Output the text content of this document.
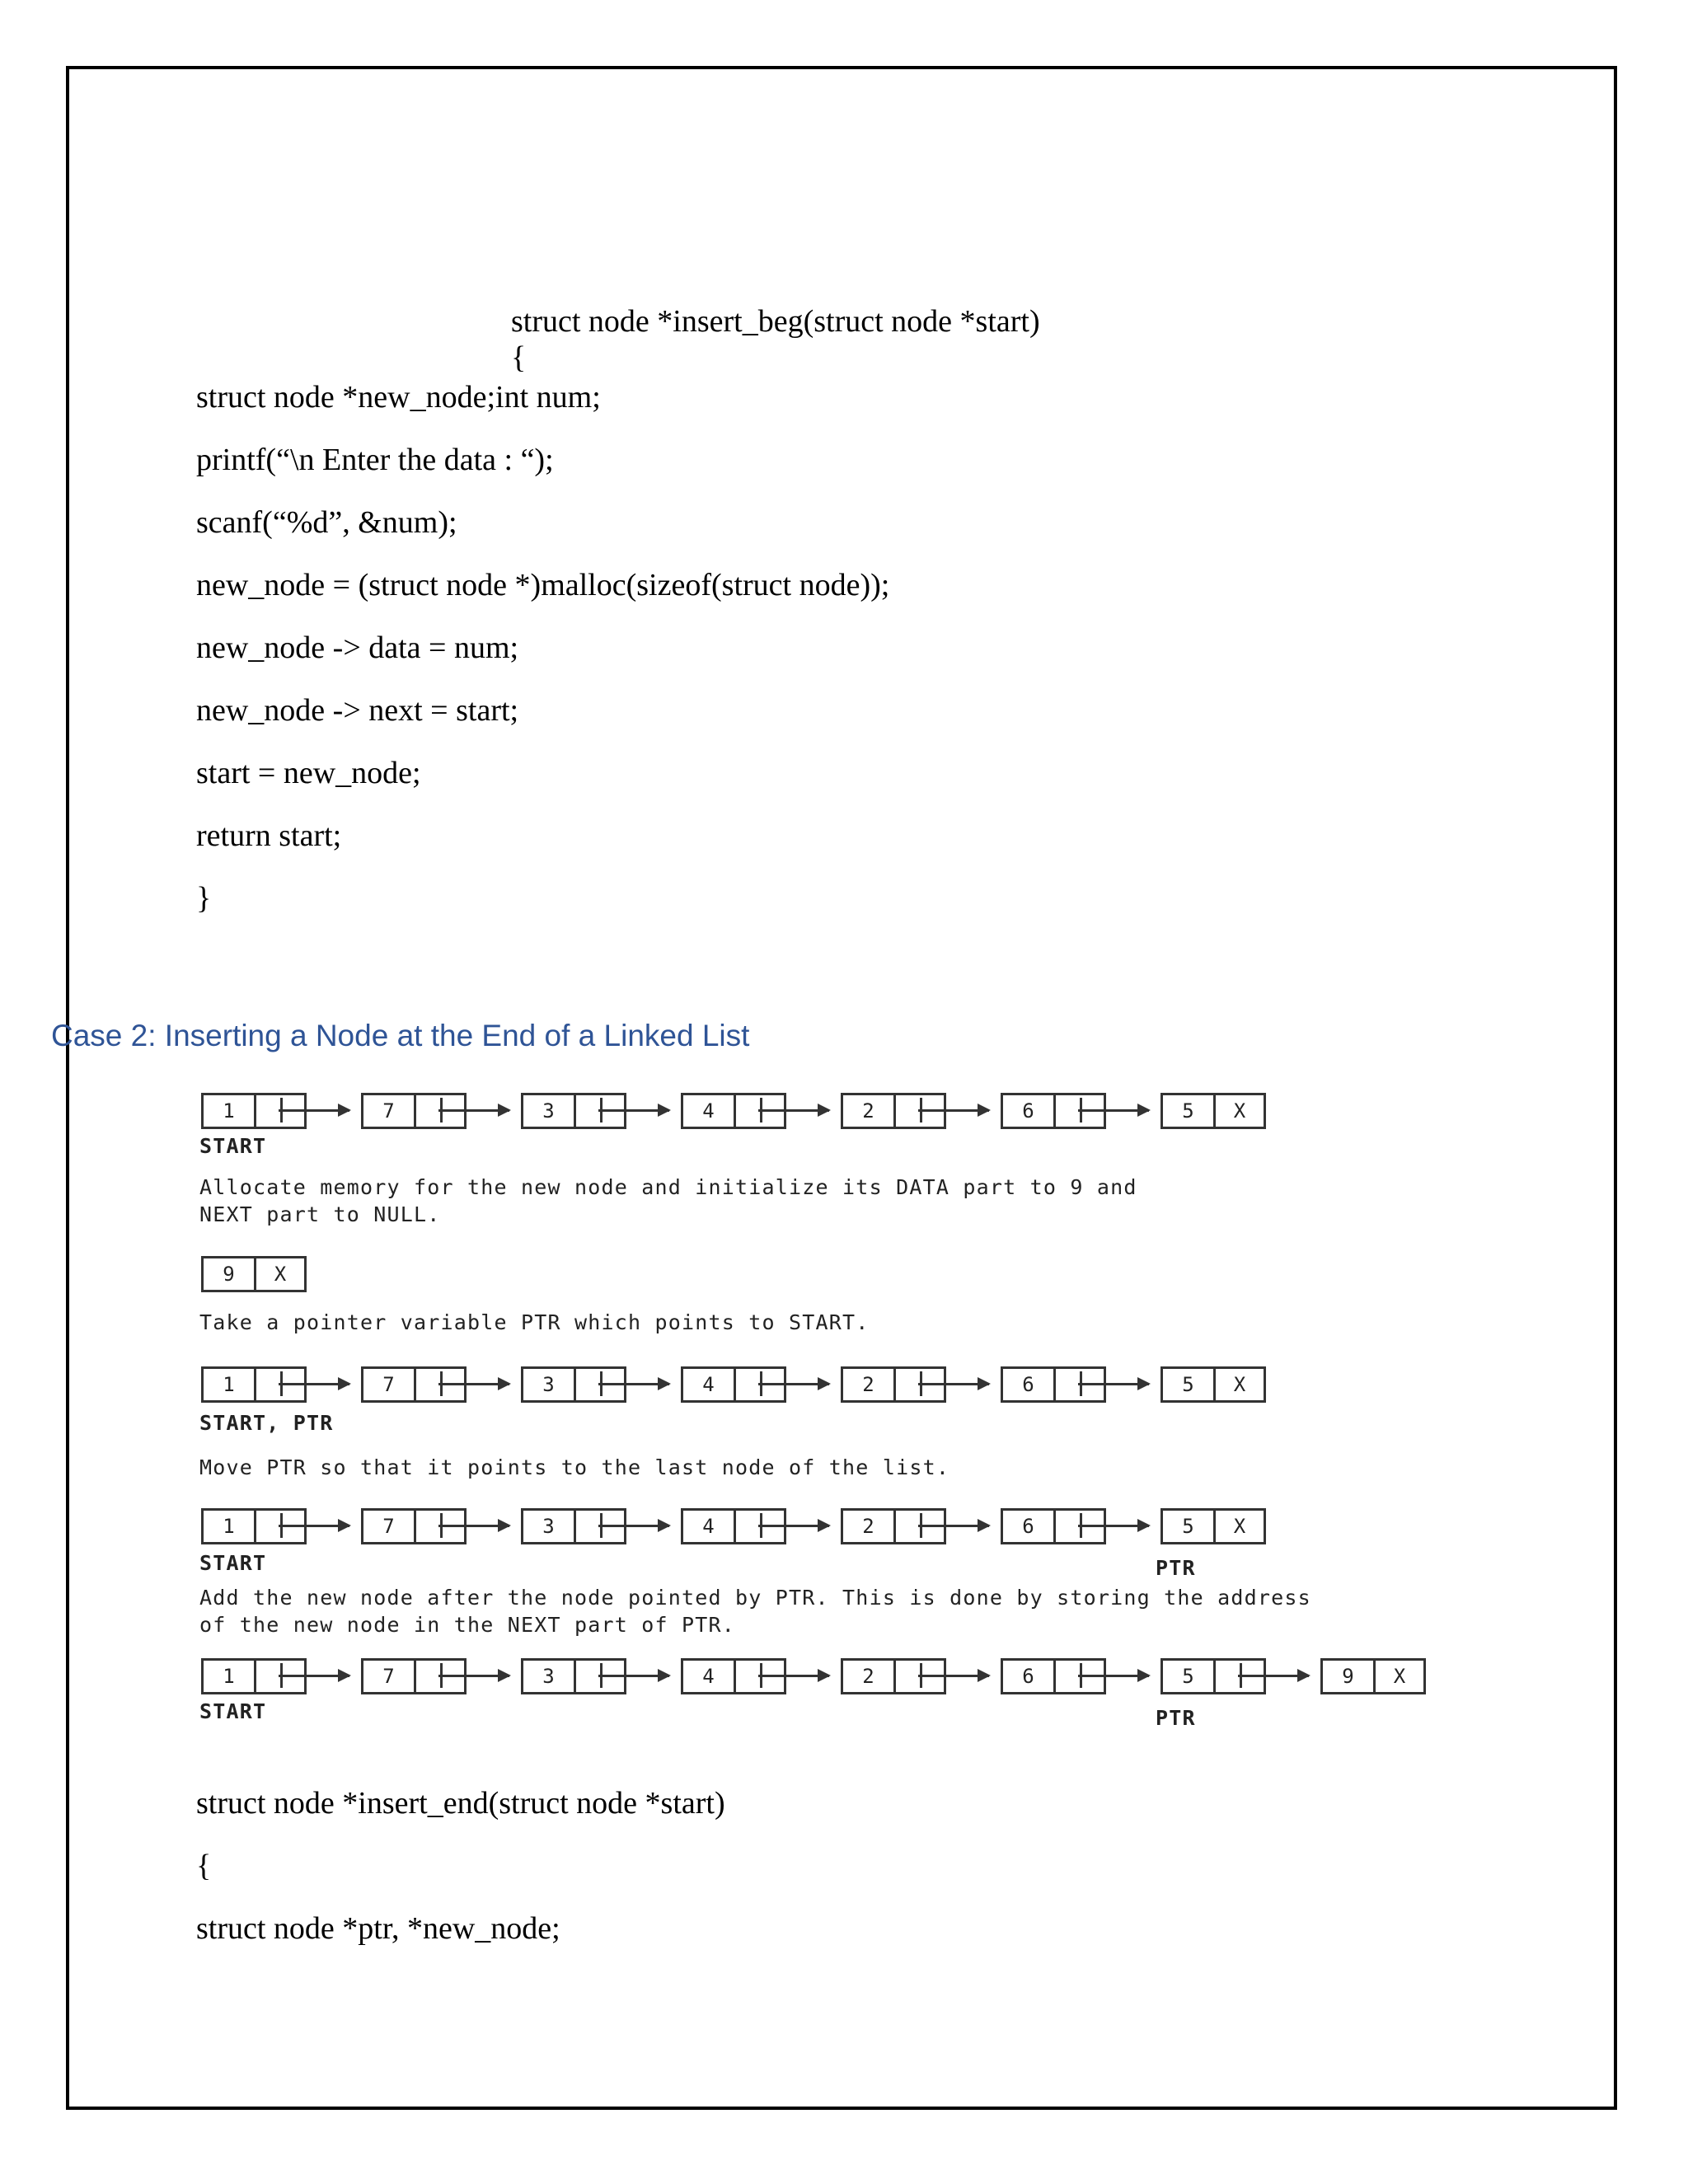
struct node *insert_beg(struct node *start)
{
struct node *new_node;int num;
printf(“\n Enter the data : “);
scanf(“%d”, &num);
new_node = (struct node *)malloc(sizeof(struct node));
new_node -> data = num;
new_node -> next = start;
start = new_node;
return start;
}
Case 2: Inserting a Node at the End of a Linked List
1	7	3	4	2	6	5	X
9	X
1	7	3	4	2	6	5	X
1	7	3	4	2	6	5	X
1	7	3	4	2	6	5	9	X
START
Allocate memory for the new node and initialize its DATA part to 9 and
NEXT part to NULL.
Take a pointer variable PTR which points to START.
START, PTR
Move PTR so that it points to the last node of the list.
START	PTR
Add the new node after the node pointed by PTR. This is done by storing the address
of the new node in the NEXT part of PTR.
START	PTR
struct node *insert_end(struct node *start)
{
struct node *ptr, *new_node;
